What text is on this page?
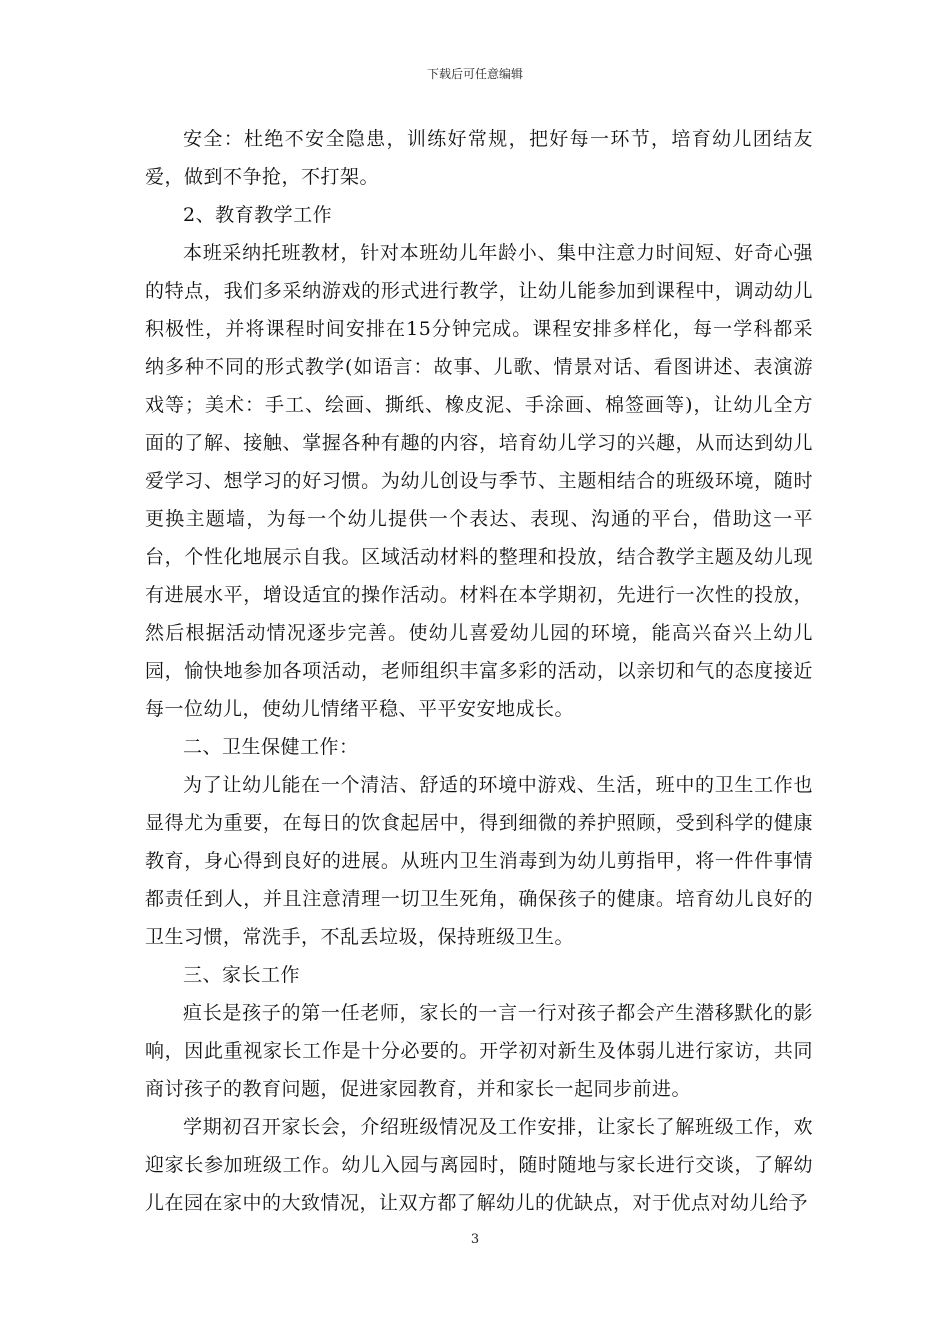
下载后可任意编辑

安全：杜绝不安全隐患，训练好常规，把好每一环节，培育幼儿团结友爱，做到不争抢，不打架。

2、教育教学工作

本班采纳托班教材，针对本班幼儿年龄小、集中注意力时间短、好奇心强的特点，我们多采纳游戏的形式进行教学，让幼儿能参加到课程中，调动幼儿积极性，并将课程时间安排在15分钟完成。课程安排多样化，每一学科都采纳多种不同的形式教学(如语言：故事、儿歌、情景对话、看图讲述、表演游戏等；美术：手工、绘画、撕纸、橡皮泥、手涂画、棉签画等)，让幼儿全方面的了解、接触、掌握各种有趣的内容，培育幼儿学习的兴趣，从而达到幼儿爱学习、想学习的好习惯。为幼儿创设与季节、主题相结合的班级环境，随时更换主题墙，为每一个幼儿提供一个表达、表现、沟通的平台，借助这一平台，个性化地展示自我。区域活动材料的整理和投放，结合教学主题及幼儿现有进展水平，增设适宜的操作活动。材料在本学期初，先进行一次性的投放，然后根据活动情况逐步完善。使幼儿喜爱幼儿园的环境，能高兴奋兴上幼儿园，愉快地参加各项活动，老师组织丰富多彩的活动，以亲切和气的态度接近每一位幼儿，使幼儿情绪平稳、平平安安地成长。

二、卫生保健工作：

为了让幼儿能在一个清洁、舒适的环境中游戏、生活，班中的卫生工作也显得尤为重要，在每日的饮食起居中，得到细微的养护照顾，受到科学的健康教育，身心得到良好的进展。从班内卫生消毒到为幼儿剪指甲，将一件件事情都责任到人，并且注意清理一切卫生死角，确保孩子的健康。培育幼儿良好的卫生习惯，常洗手，不乱丢垃圾，保持班级卫生。

三、家长工作

疸长是孩子的第一任老师，家长的一言一行对孩子都会产生潜移默化的影响，因此重视家长工作是十分必要的。开学初对新生及体弱儿进行家访，共同商讨孩子的教育问题，促进家园教育，并和家长一起同步前进。

学期初召开家长会，介绍班级情况及工作安排，让家长了解班级工作，欢迎家长参加班级工作。幼儿入园与离园时，随时随地与家长进行交谈，了解幼儿在园在家中的大致情况，让双方都了解幼儿的优缺点，对于优点对幼儿给予

3
